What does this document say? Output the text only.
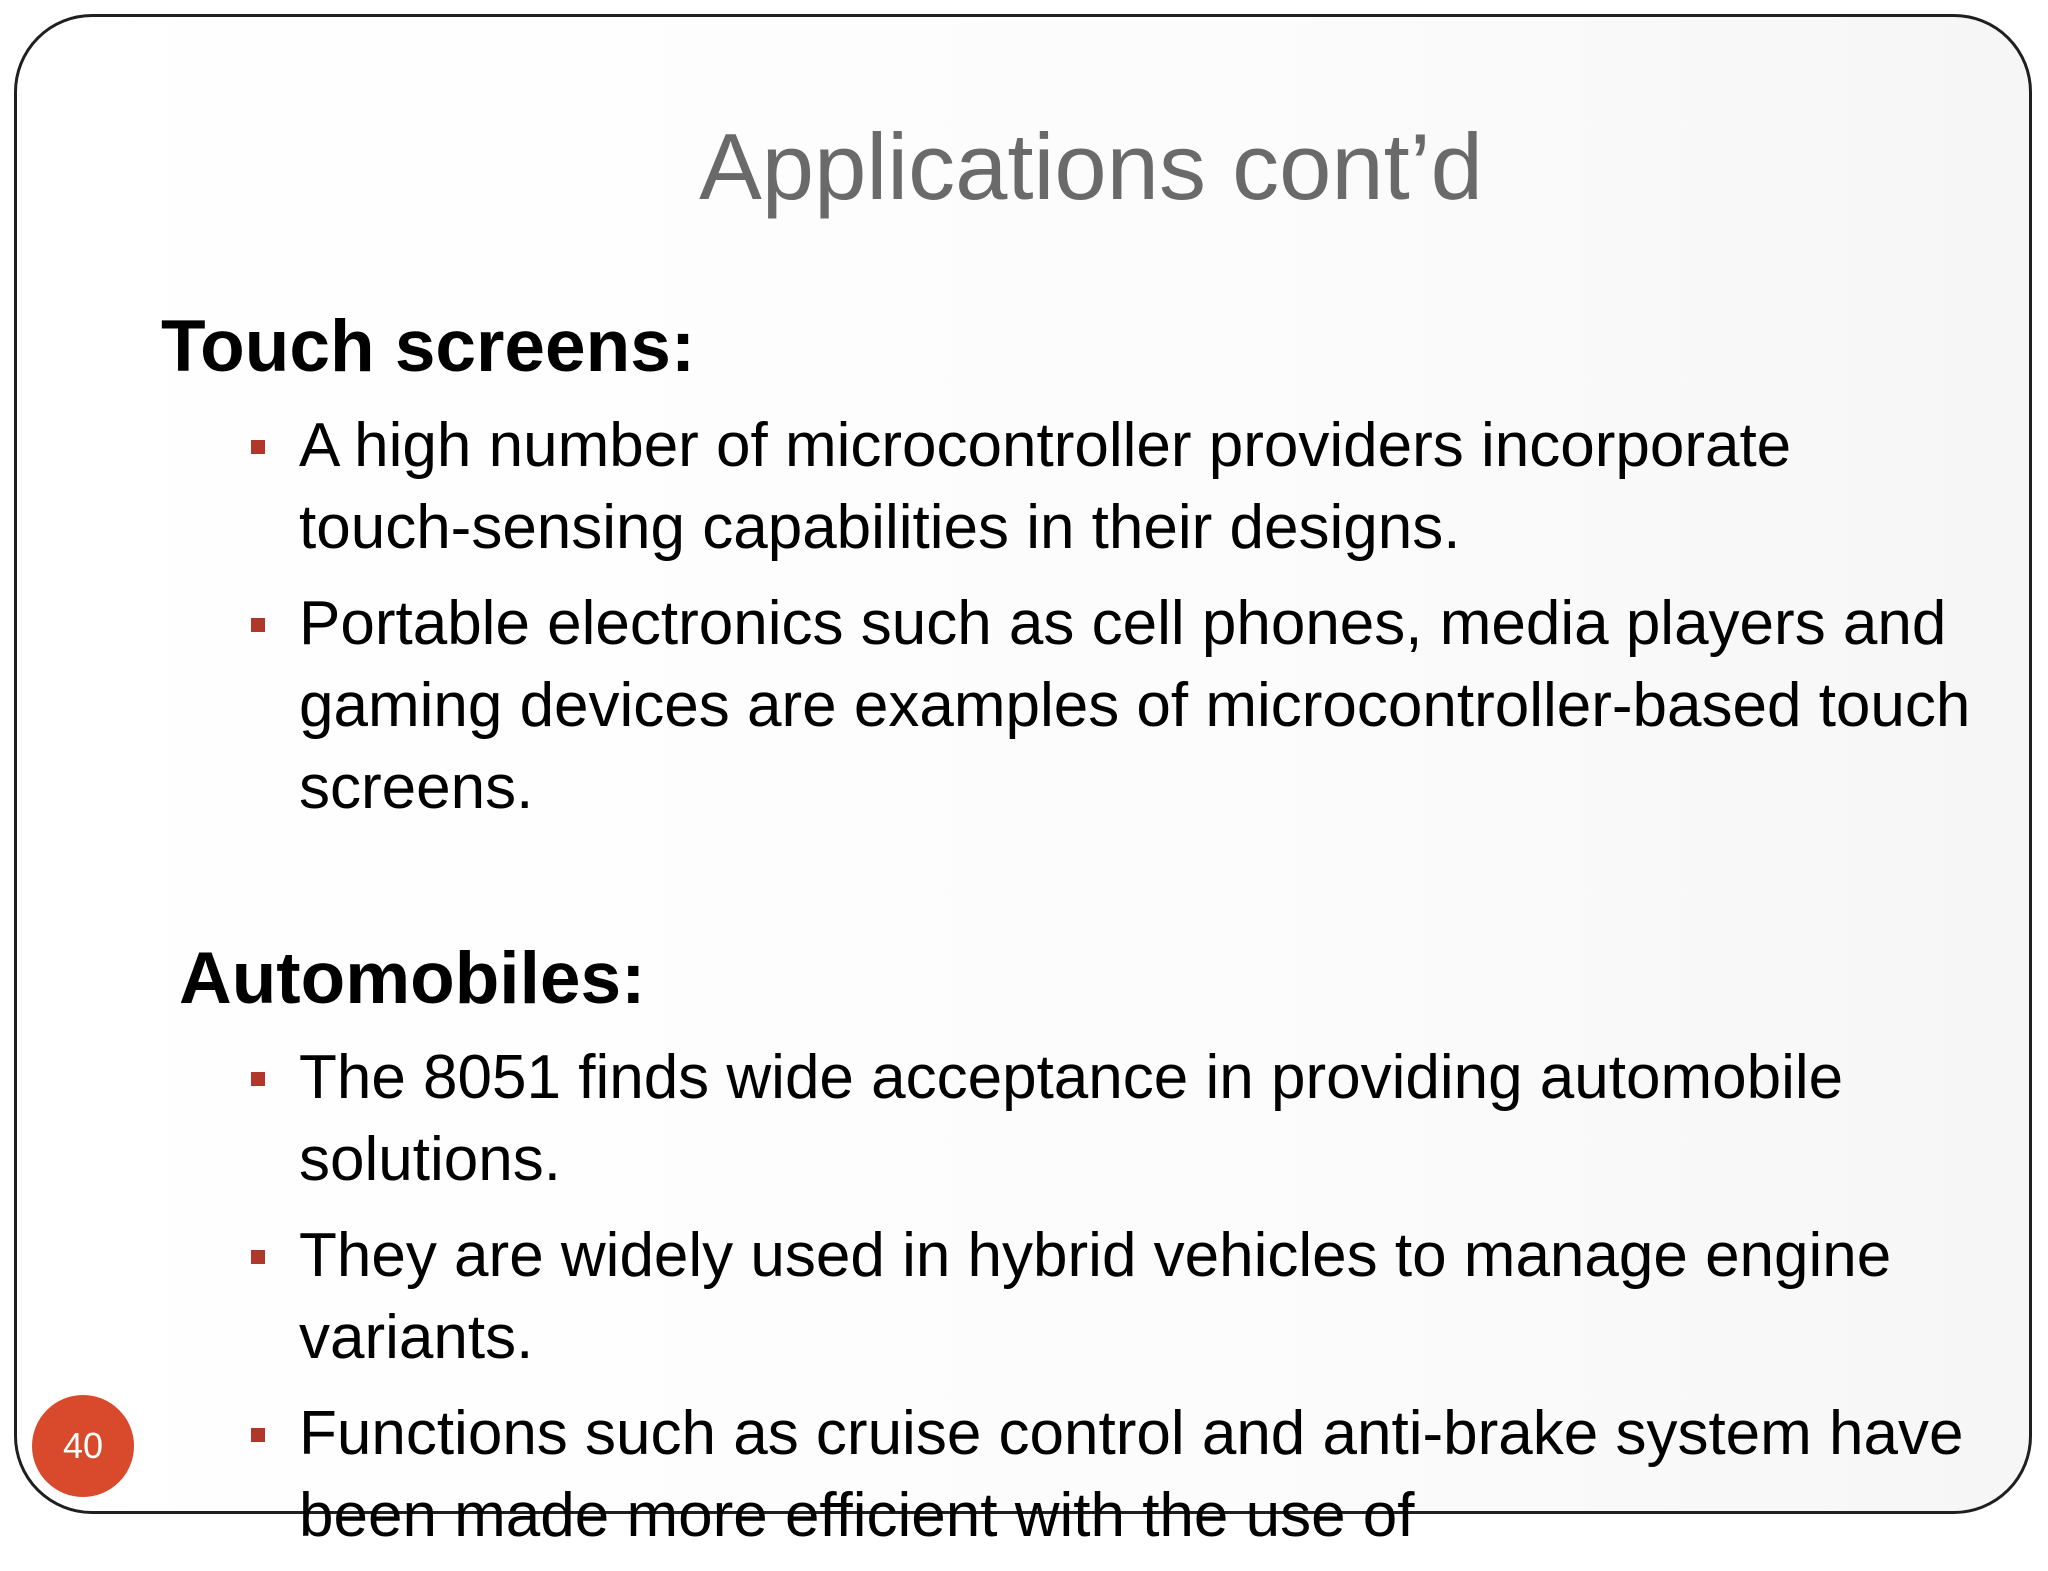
Applications cont’d
Touch screens:
A high number of microcontroller providers incorporate touch-sensing capabilities in their designs.
Portable electronics such as cell phones, media players and gaming devices are examples of microcontroller-based touch screens.
Automobiles:
The 8051 finds wide acceptance in providing automobile solutions.
They are widely used in hybrid vehicles to manage engine variants.
Functions such as cruise control and anti-brake system have been made more efficient with the use of
40
